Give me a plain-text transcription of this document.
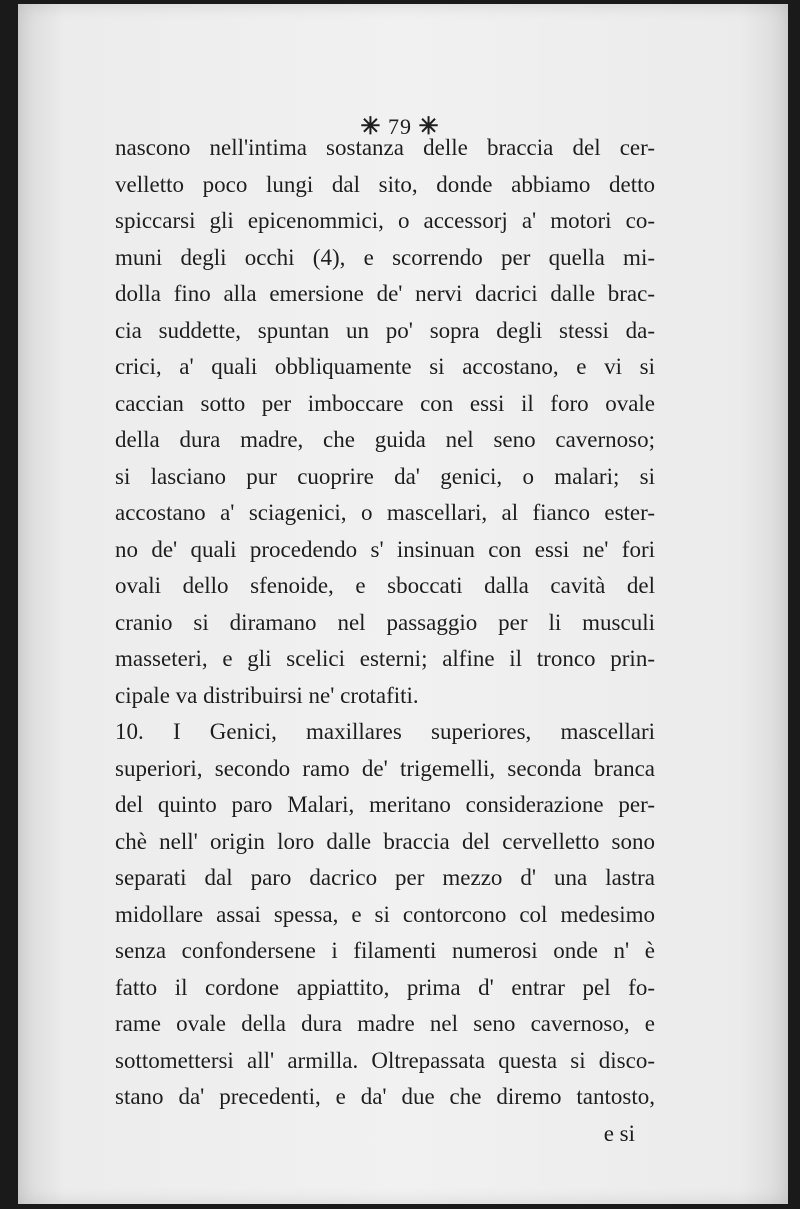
✳ 79 ✳
nascono nell'intima sostanza delle braccia del cer-
velletto poco lungi dal sito, donde abbiamo detto
spiccarsi gli epicenommici, o accessorj a' motori co-
muni degli occhi (4), e scorrendo per quella mi-
dolla fino alla emersione de' nervi dacrici dalle brac-
cia suddette, spuntan un po' sopra degli stessi da-
crici, a' quali obbliquamente si accostano, e vi si
caccian sotto per imboccare con essi il foro ovale
della dura madre, che guida nel seno cavernoso;
si lasciano pur cuoprire da' genici, o malari; si
accostano a' sciagenici, o mascellari, al fianco ester-
no de' quali procedendo s' insinuan con essi ne' fori
ovali dello sfenoide, e sboccati dalla cavità del
cranio si diramano nel passaggio per li musculi
masseteri, e gli scelici esterni; alfine il tronco prin-
cipale va distribuirsi ne' crotafiti.
10. I Genici, maxillares superiores, mascellari
superiori, secondo ramo de' trigemelli, seconda branca
del quinto paro Malari, meritano considerazione per-
chè nell' origin loro dalle braccia del cervelletto sono
separati dal paro dacrico per mezzo d' una lastra
midollare assai spessa, e si contorcono col medesimo
senza confondersene i filamenti numerosi onde n' è
fatto il cordone appiattito, prima d' entrar pel fo-
rame ovale della dura madre nel seno cavernoso, e
sottomettersi all' armilla. Oltrepassata questa si disco-
stano da' precedenti, e da' due che diremo tantosto,
e si
